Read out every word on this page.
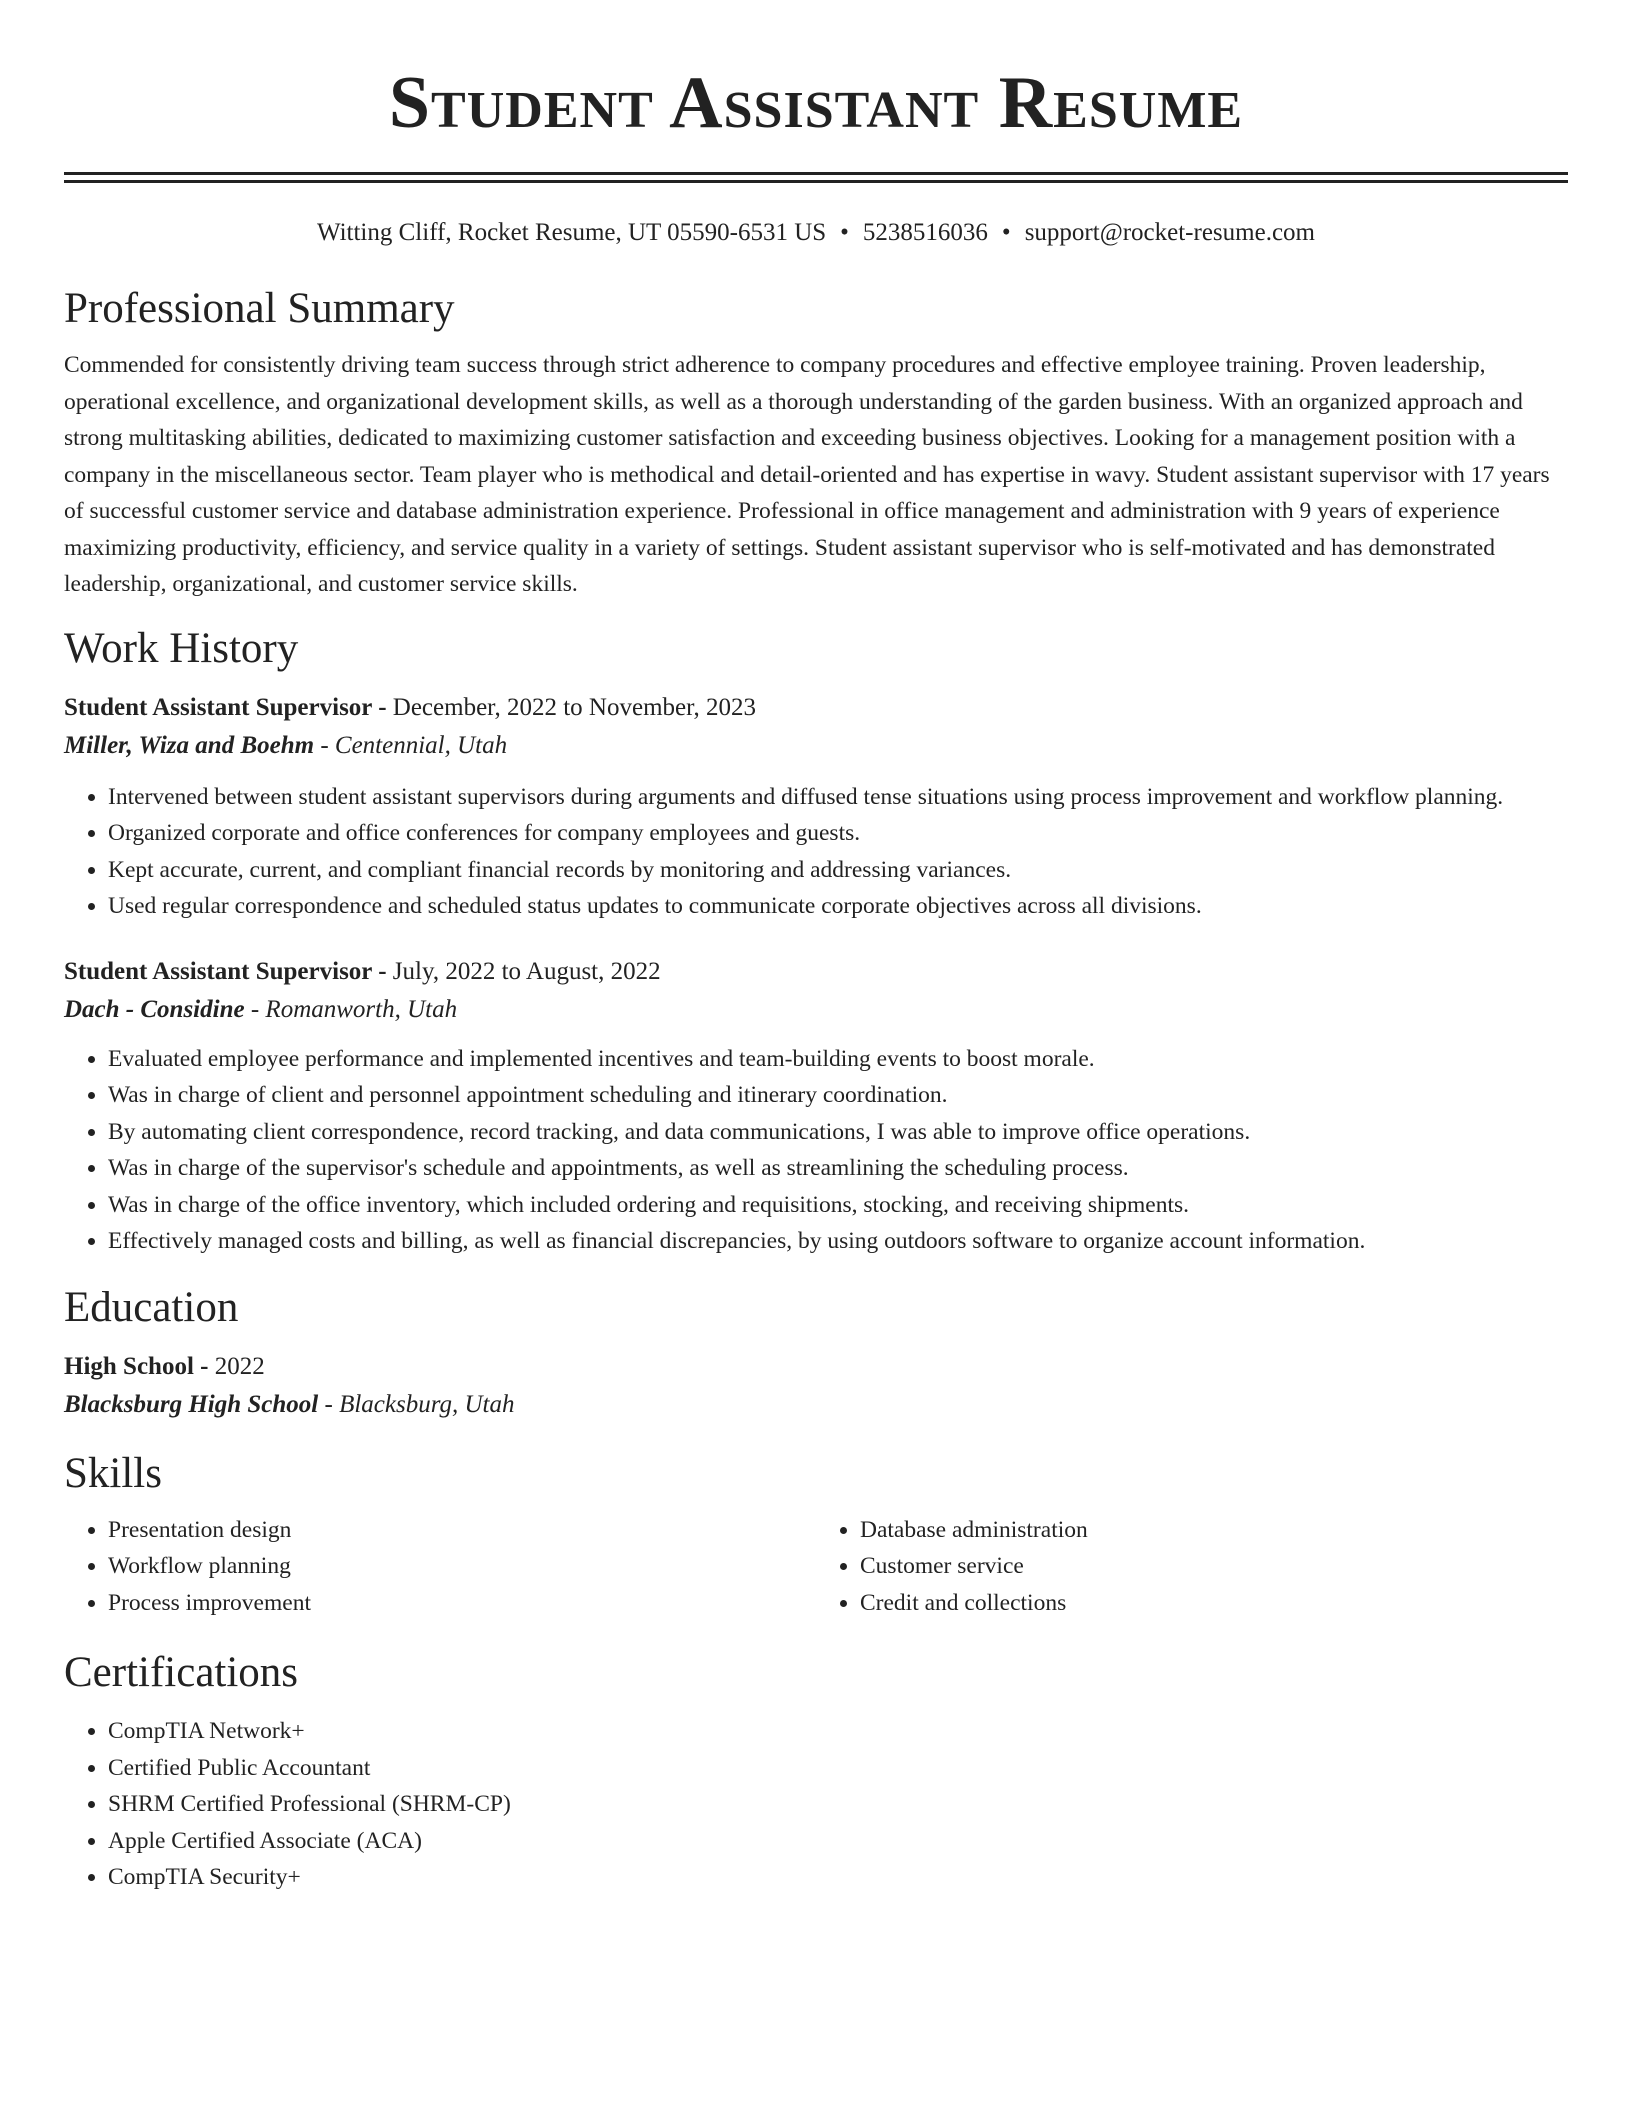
Student Assistant Resume
Witting Cliff, Rocket Resume, UT 05590-6531 US • 5238516036 • support@rocket-resume.com
Professional Summary

Commended for consistently driving team success through strict adherence to company procedures and effective employee training. Proven leadership, operational excellence, and organizational development skills, as well as a thorough understanding of the garden business. With an organized approach and strong multitasking abilities, dedicated to maximizing customer satisfaction and exceeding business objectives. Looking for a management position with a company in the miscellaneous sector. Team player who is methodical and detail-oriented and has expertise in wavy. Student assistant supervisor with 17 years of successful customer service and database administration experience. Professional in office management and administration with 9 years of experience maximizing productivity, efficiency, and service quality in a variety of settings. Student assistant supervisor who is self-motivated and has demonstrated leadership, organizational, and customer service skills.

Work History
Student Assistant Supervisor - December, 2022 to November, 2023
Miller, Wiza and Boehm - Centennial, Utah
• Intervened between student assistant supervisors during arguments and diffused tense situations using process improvement and workflow planning.
• Organized corporate and office conferences for company employees and guests.
• Kept accurate, current, and compliant financial records by monitoring and addressing variances.
• Used regular correspondence and scheduled status updates to communicate corporate objectives across all divisions.
Student Assistant Supervisor - July, 2022 to August, 2022
Dach - Considine - Romanworth, Utah
• Evaluated employee performance and implemented incentives and team-building events to boost morale.
• Was in charge of client and personnel appointment scheduling and itinerary coordination.
• By automating client correspondence, record tracking, and data communications, I was able to improve office operations.
• Was in charge of the supervisor's schedule and appointments, as well as streamlining the scheduling process.
• Was in charge of the office inventory, which included ordering and requisitions, stocking, and receiving shipments.
• Effectively managed costs and billing, as well as financial discrepancies, by using outdoors software to organize account information.
Education
High School - 2022
Blacksburg High School - Blacksburg, Utah
Skills
• Presentation design
• Workflow planning
• Process improvement
• Database administration
• Customer service
• Credit and collections
Certifications
• CompTIA Network+
• Certified Public Accountant
• SHRM Certified Professional (SHRM-CP)
• Apple Certified Associate (ACA)
• CompTIA Security+
